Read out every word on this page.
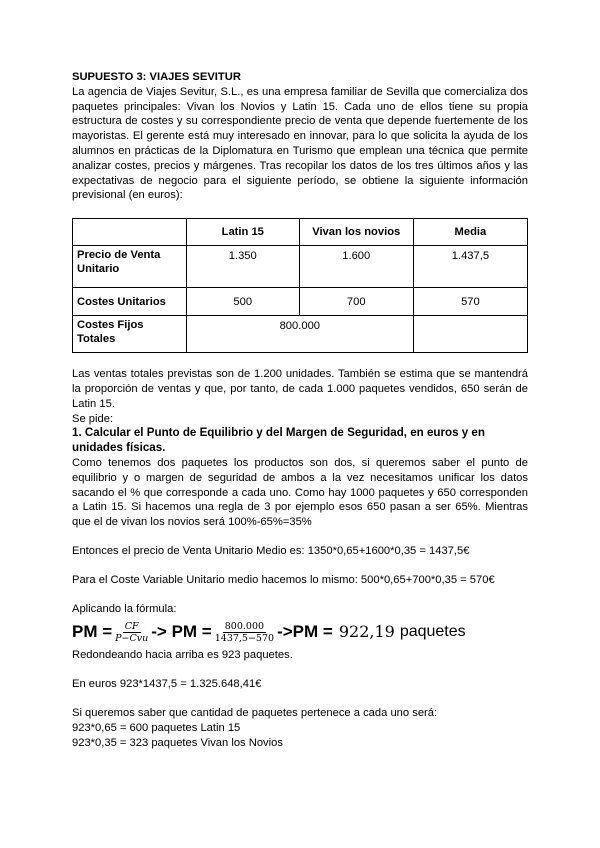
SUPUESTO 3: VIAJES SEVITUR

La agencia de Viajes Sevitur, S.L., es una empresa familiar de Sevilla que comercializa dos paquetes principales: Vivan los Novios y Latin 15. Cada uno de ellos tiene su propia estructura de costes y su correspondiente precio de venta que depende fuertemente de los mayoristas. El gerente está muy interesado en innovar, para lo que solicita la ayuda de los alumnos en prácticas de la Diplomatura en Turismo que emplean una técnica que permite analizar costes, precios y márgenes. Tras recopilar los datos de los tres últimos años y las expectativas de negocio para el siguiente período, se obtiene la siguiente información previsional (en euros):

	Latin 15	Vivan los novios	Media
Precio de Venta Unitario	1.350	1.600	1.437,5
Costes Unitarios	500	700	570
Costes Fijos Totales	800.000		

Las ventas totales previstas son de 1.200 unidades. También se estima que se mantendrá la proporción de ventas y que, por tanto, de cada 1.000 paquetes vendidos, 650 serán de Latin 15.

Se pide:

1. Calcular el Punto de Equilibrio y del Margen de Seguridad, en euros y en unidades físicas.

Como tenemos dos paquetes los productos son dos, si queremos saber el punto de equilibrio y o margen de seguridad de ambos a la vez necesitamos unificar los datos sacando el % que corresponde a cada uno. Como hay 1000 paquetes y 650 corresponden a Latin 15. Si hacemos una regla de 3 por ejemplo esos 650 pasan a ser 65%. Mientras que el de vivan los novios será 100%-65%=35%

Entonces el precio de Venta Unitario Medio es: 1350*0,65+1600*0,35 = 1437,5€

Para el Coste Variable Unitario medio hacemos lo mismo: 500*0,65+700*0,35 = 570€

Aplicando la fórmula:

PM = $\frac{CF}{\text{P−Cvu}}$ -> PM = $\frac{800.000}{1437,5-570} ->PM = 922,19$ paquetes

Redondeando hacia arriba es 923 paquetes.

En euros 923*1437,5 = 1.325.648,41€

Si queremos saber que cantidad de paquetes pertenece a cada uno será:

923*0,65 = 600 paquetes Latin 15

923*0,35 = 323 paquetes Vivan los Novios
